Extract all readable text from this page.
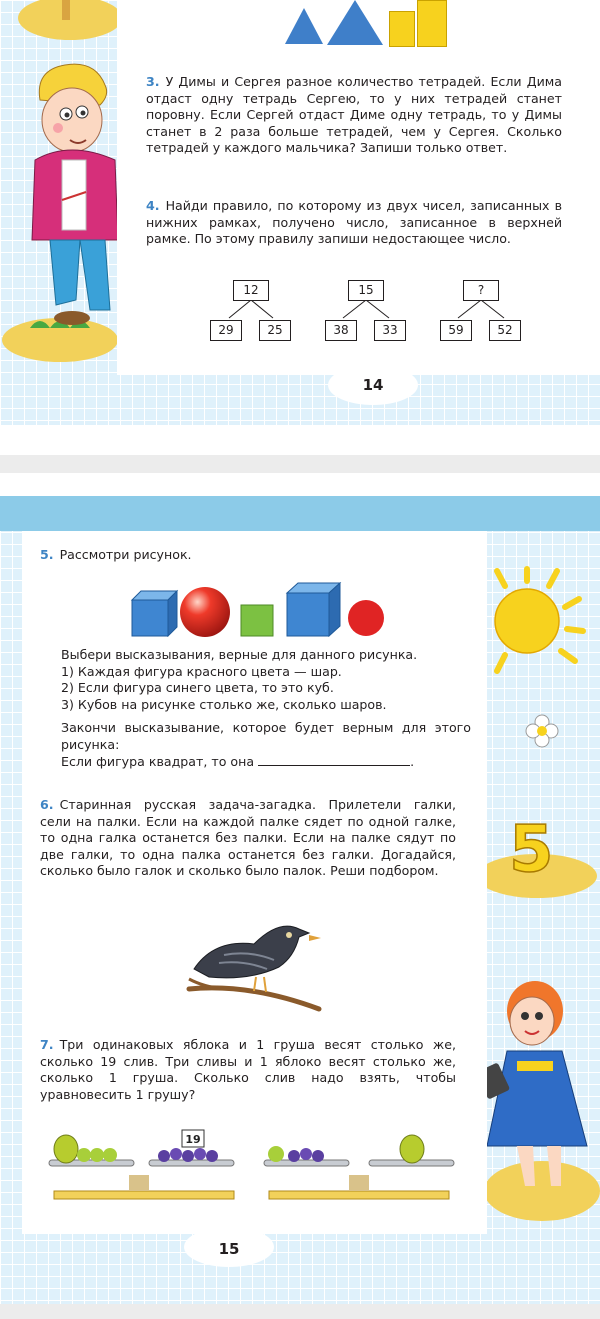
3. У Димы и Сергея разное количество тетрадей. Если Дима отдаст одну тетрадь Сергею, то у них тетрадей станет поровну. Если Сергей отдаст Диме одну тетрадь, то у Димы станет в 2 раза больше тетрадей, чем у Сергея. Сколько тетрадей у каждого мальчика? Запиши только ответ.

4. Найди правило, по которому из двух чисел, записанных в нижних рамках, получено число, записанное в верхней рамке. По этому правилу запиши недостающее число.

12
29	25
15
38	33
?
59	52
14
5

5. Рассмотри рисунок.

Выбери высказывания, верные для данного рисунка.

1) Каждая фигура красного цвета — шар.

2) Если фигура синего цвета, то это куб.

3) Кубов на рисунке столько же, сколько шаров.

Закончи высказывание, которое будет верным для этого рисунка:

Если фигура квадрат, то она	.

6. Старинная русская задача-загадка. Прилетели галки, сели на палки. Если на каждой палке сядет по одной галке, то одна галка останется без палки. Если на палке сядут по две галки, то одна палка останется без галки. Догадайся, сколько было галок и сколько было палок. Реши подбором.

7. Три одинаковых яблока и 1 груша весят столько же, сколько 19 слив. Три сливы и 1 яблоко весят столько же, сколько 1 груша. Сколько слив надо взять, чтобы уравновесить 1 грушу?

19
15
